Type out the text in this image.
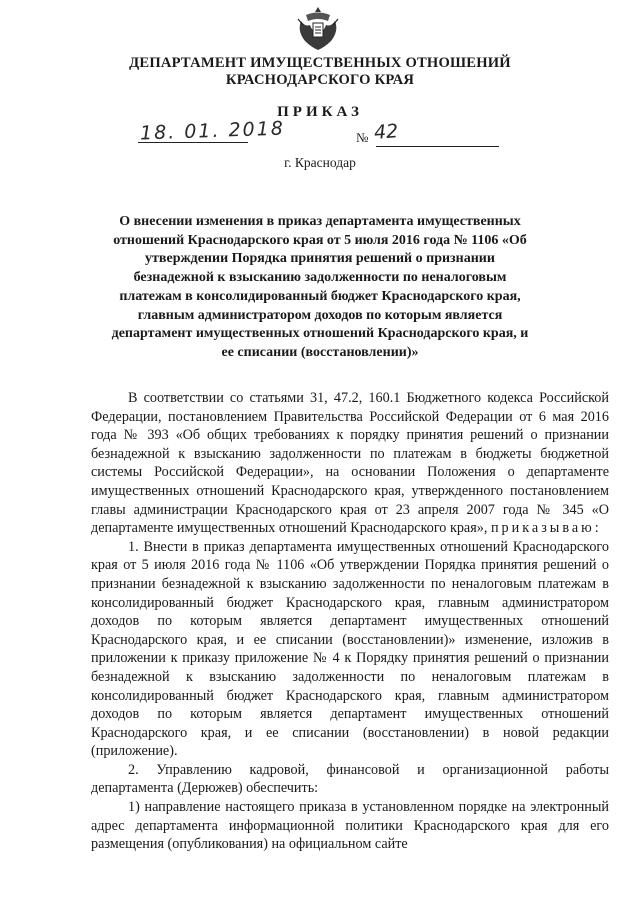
ДЕПАРТАМЕНТ ИМУЩЕСТВЕННЫХ ОТНОШЕНИЙ
КРАСНОДАРСКОГО КРАЯ
ПРИКАЗ
18. 01. 2018	№ 42
г. Краснодар
О внесении изменения в приказ департамента имущественных отношений Краснодарского края от 5 июля 2016 года № 1106 «Об утверждении Порядка принятия решений о признании безнадежной к взысканию задолженности по неналоговым платежам в консолидированный бюджет Краснодарского края, главным администратором доходов по которым является департамент имущественных отношений Краснодарского края, и ее списании (восстановлении)»

В соответствии со статьями 31, 47.2, 160.1 Бюджетного кодекса Российской Федерации, постановлением Правительства Российской Федерации от 6 мая 2016 года № 393 «Об общих требованиях к порядку принятия решений о признании безнадежной к взысканию задолженности по платежам в бюджеты бюджетной системы Российской Федерации», на основании Положения о департаменте имущественных отношений Краснодарского края, утвержденного постановлением главы администрации Краснодарского края от 23 апреля 2007 года № 345 «О департаменте имущественных отношений Краснодарского края», приказываю:

1. Внести в приказ департамента имущественных отношений Краснодарского края от 5 июля 2016 года № 1106 «Об утверждении Порядка принятия решений о признании безнадежной к взысканию задолженности по неналоговым платежам в консолидированный бюджет Краснодарского края, главным администратором доходов по которым является департамент имущественных отношений Краснодарского края, и ее списании (восстановлении)» изменение, изложив в приложении к приказу приложение № 4 к Порядку принятия решений о признании безнадежной к взысканию задолженности по неналоговым платежам в консолидированный бюджет Краснодарского края, главным администратором доходов по которым является департамент имущественных отношений Краснодарского края, и ее списании (восстановлении) в новой редакции (приложение).

2. Управлению кадровой, финансовой и организационной работы департамента (Дерюжев) обеспечить:

1) направление настоящего приказа в установленном порядке на электронный адрес департамента информационной политики Краснодарского края для его размещения (опубликования) на официальном сайте
